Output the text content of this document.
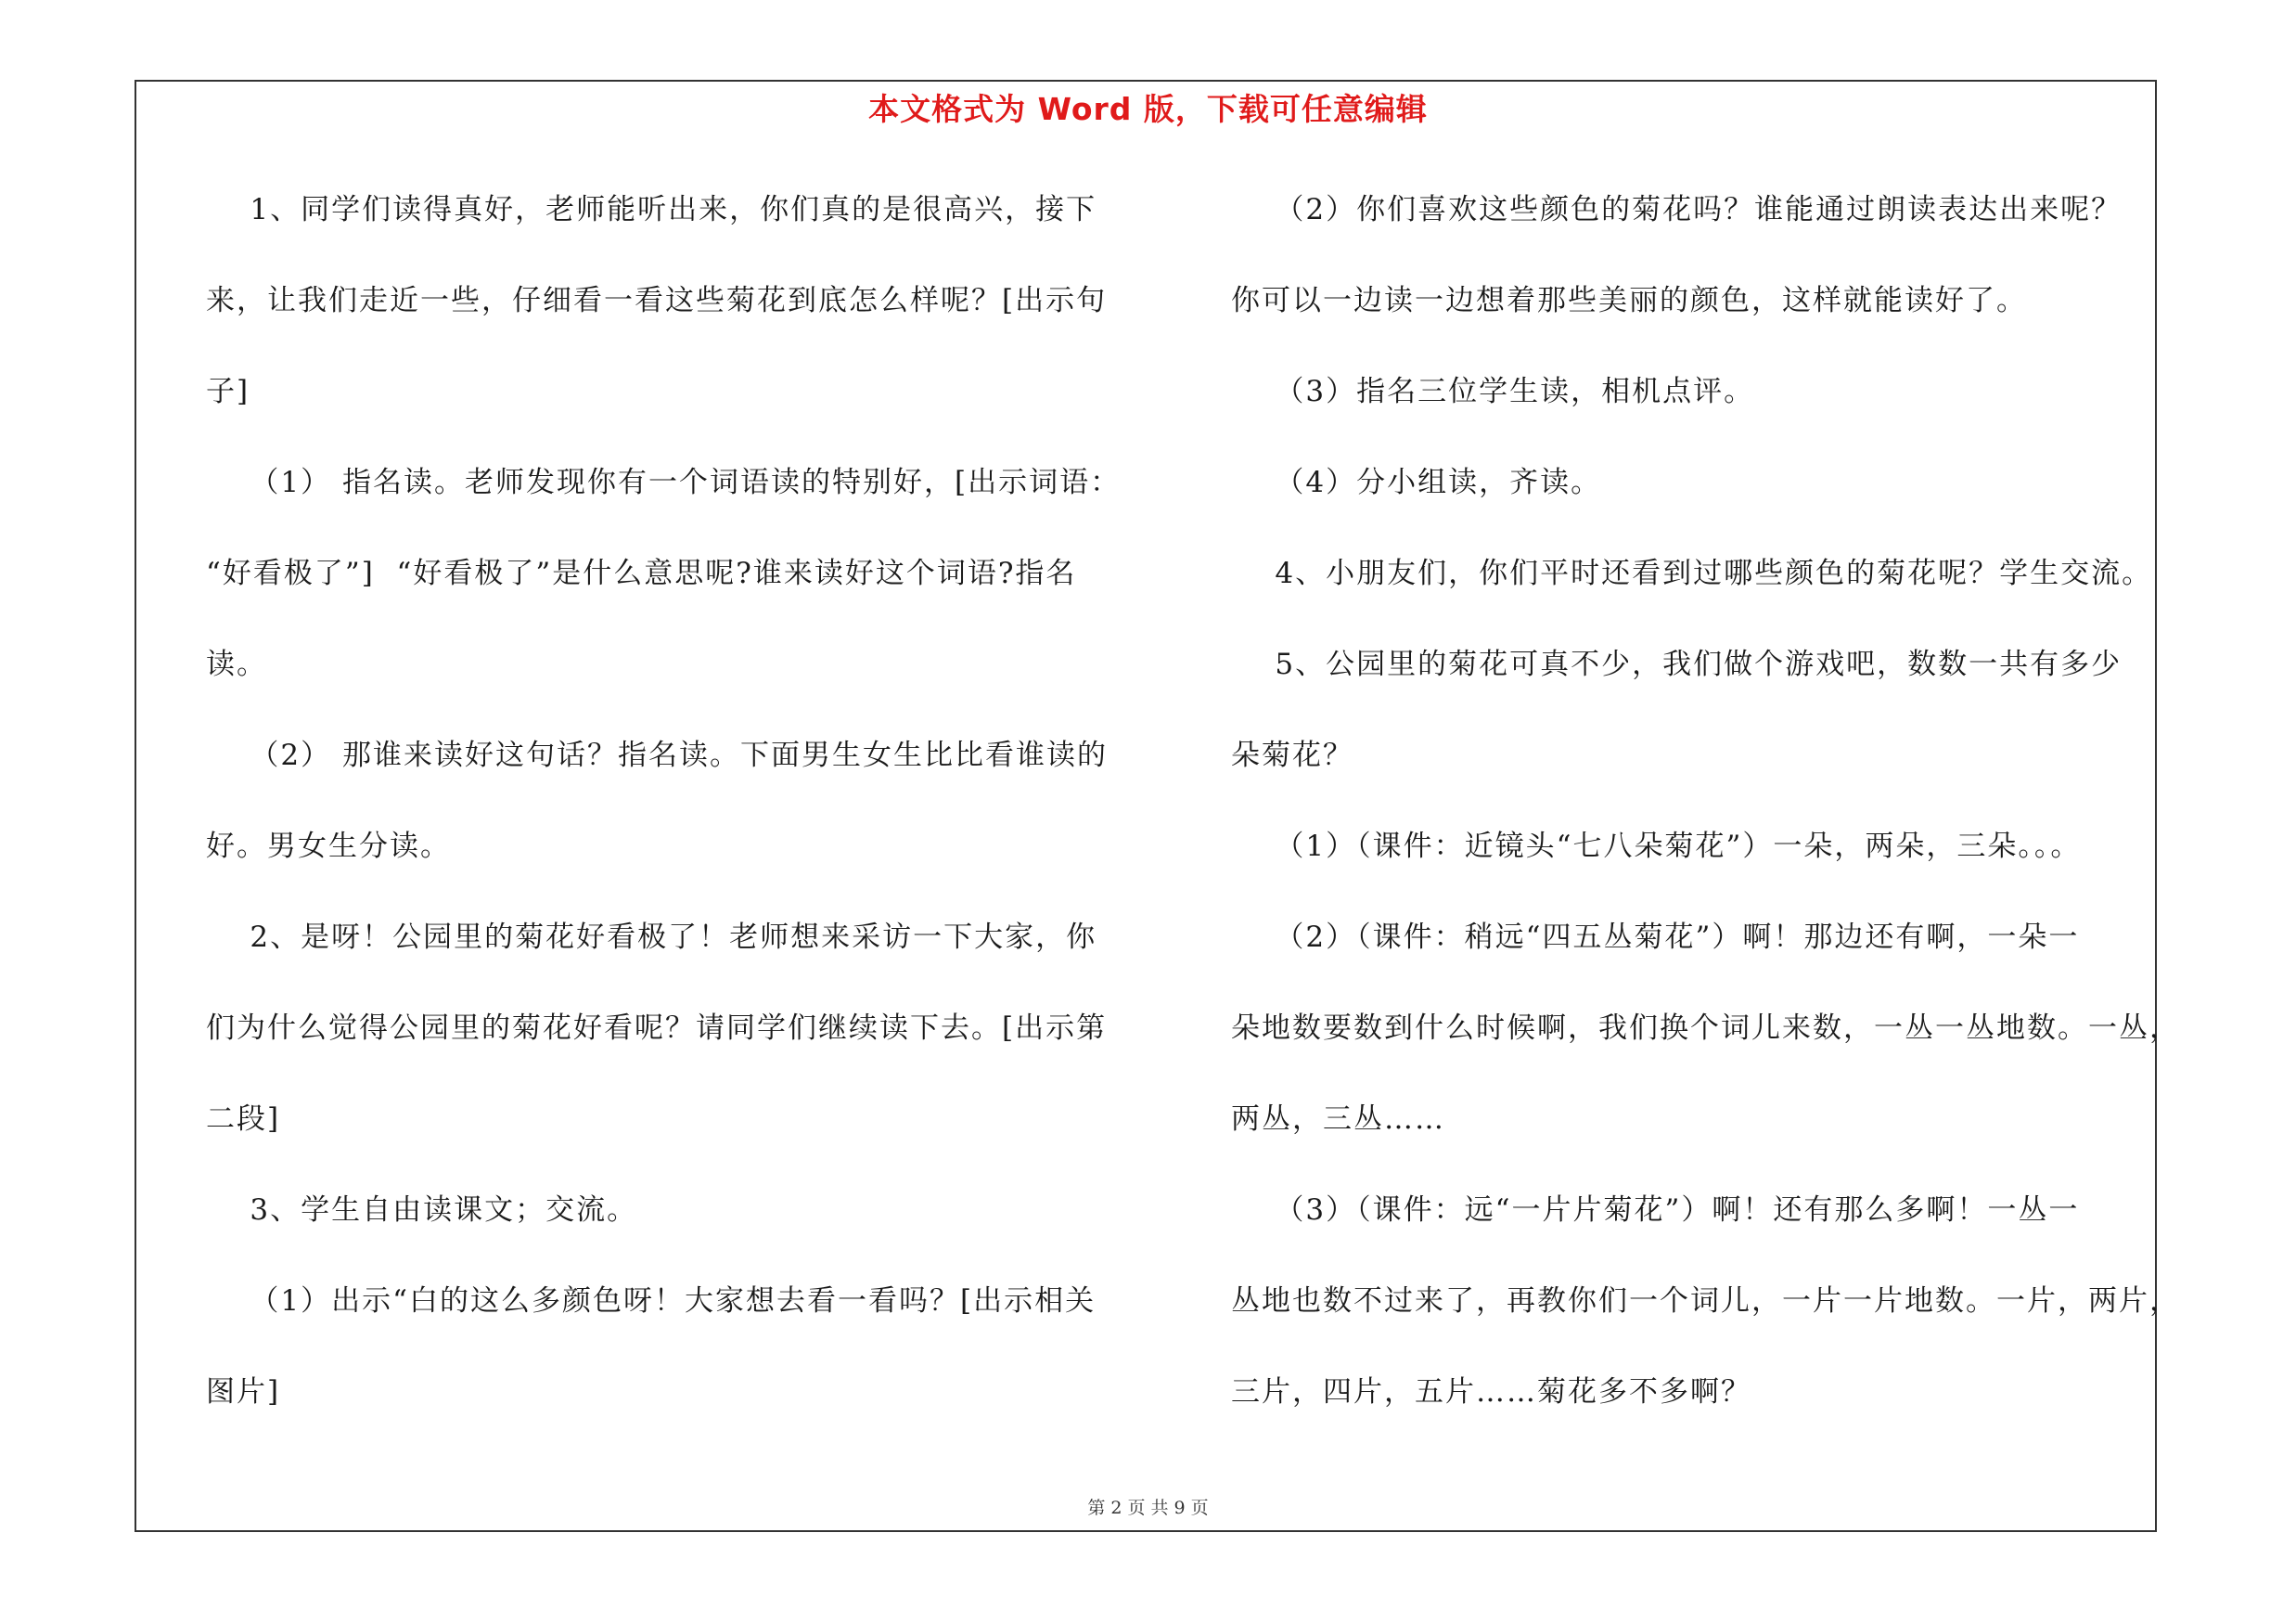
本文格式为 Word 版，下载可任意编辑
1、同学们读得真好，老师能听出来，你们真的是很高兴，接下
来，让我们走近一些，仔细看一看这些菊花到底怎么样呢？[出示句
子]
（1） 指名读。老师发现你有一个词语读的特别好，[出示词语：
“好看极了”]  “好看极了”是什么意思呢?谁来读好这个词语?指名
读。
（2） 那谁来读好这句话？指名读。下面男生女生比比看谁读的
好。男女生分读。
2、是呀！公园里的菊花好看极了！老师想来采访一下大家，你
们为什么觉得公园里的菊花好看呢？请同学们继续读下去。[出示第
二段]
3、学生自由读课文；交流。
（1）出示“白的这么多颜色呀！大家想去看一看吗？[出示相关
图片]
（2）你们喜欢这些颜色的菊花吗？谁能通过朗读表达出来呢？
你可以一边读一边想着那些美丽的颜色，这样就能读好了。
（3）指名三位学生读，相机点评。
（4）分小组读，齐读。
4、小朋友们，你们平时还看到过哪些颜色的菊花呢？学生交流。
5、公园里的菊花可真不少，我们做个游戏吧，数数一共有多少
朵菊花？
（1）（课件：近镜头“七八朵菊花”）一朵，两朵，三朵。。。
（2）（课件：稍远“四五丛菊花”）啊！那边还有啊，一朵一
朵地数要数到什么时候啊，我们换个词儿来数，一丛一丛地数。一丛，
两丛，三丛……
（3）（课件：远“一片片菊花”）啊！还有那么多啊！一丛一
丛地也数不过来了，再教你们一个词儿，一片一片地数。一片，两片，
三片，四片，五片……菊花多不多啊？
第 2 页 共 9 页
